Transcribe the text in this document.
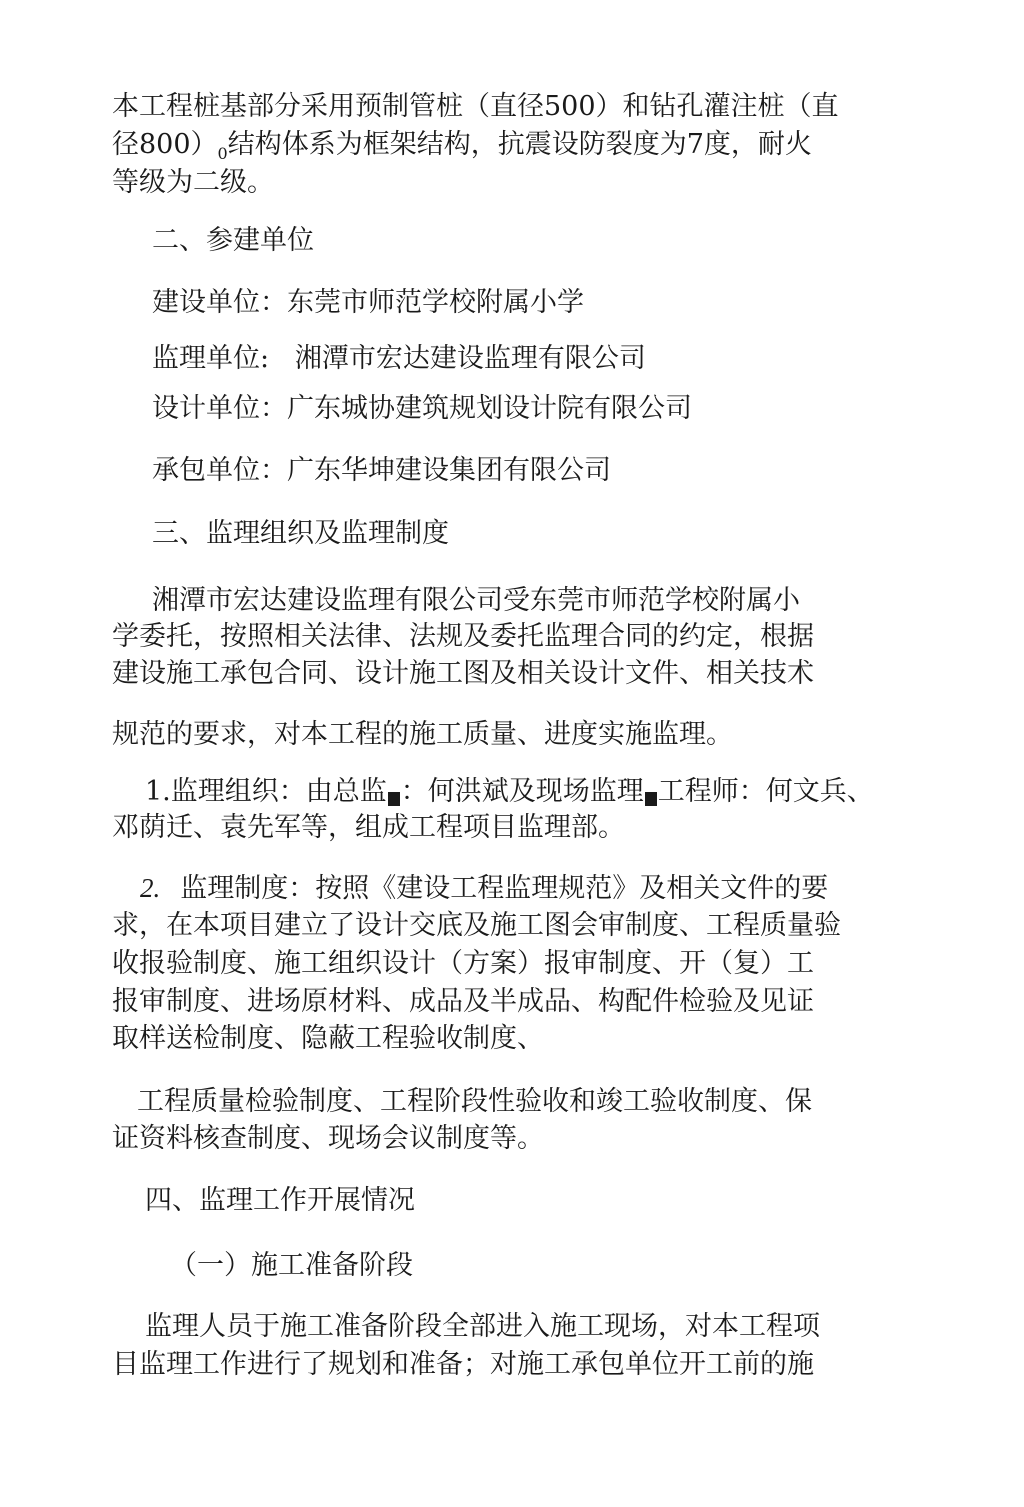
本工程桩基部分采用预制管桩（直径500）和钻孔灌注桩（直

径$800)_0$结构体系为框架结构，抗震设防裂度为7度，耐火

等级为二级。

二、参建单位

建设单位：东莞市师范学校附属小学

监理单位:   湘潭市宏达建设监理有限公司

设计单位：广东城协建筑规划设计院有限公司

承包单位：广东华坤建设集团有限公司

三、监理组织及监理制度

湘潭市宏达建设监理有限公司受东莞市师范学校附属小

学委托，按照相关法律、法规及委托监理合同的约定，根据

建设施工承包合同、设计施工图及相关设计文件、相关技术

规范的要求，对本工程的施工质量、进度实施监理。

1.监理组织：由总监 ：何洪斌及现场监理 工程师：何文兵、

邓荫迁、袁先军等，组成工程项目监理部。

2. 监理制度：按照《建设工程监理规范》及相关文件的要

求，在本项目建立了设计交底及施工图会审制度、工程质量验

收报验制度、施工组织设计（方案）报审制度、开（复）工

报审制度、进场原材料、成品及半成品、构配件检验及见证

取样送检制度、隐蔽工程验收制度、

工程质量检验制度、工程阶段性验收和竣工验收制度、保

证资料核查制度、现场会议制度等。

四、监理工作开展情况

（一）施工准备阶段

监理人员于施工准备阶段全部进入施工现场，对本工程项

目监理工作进行了规划和准备；对施工承包单位开工前的施
